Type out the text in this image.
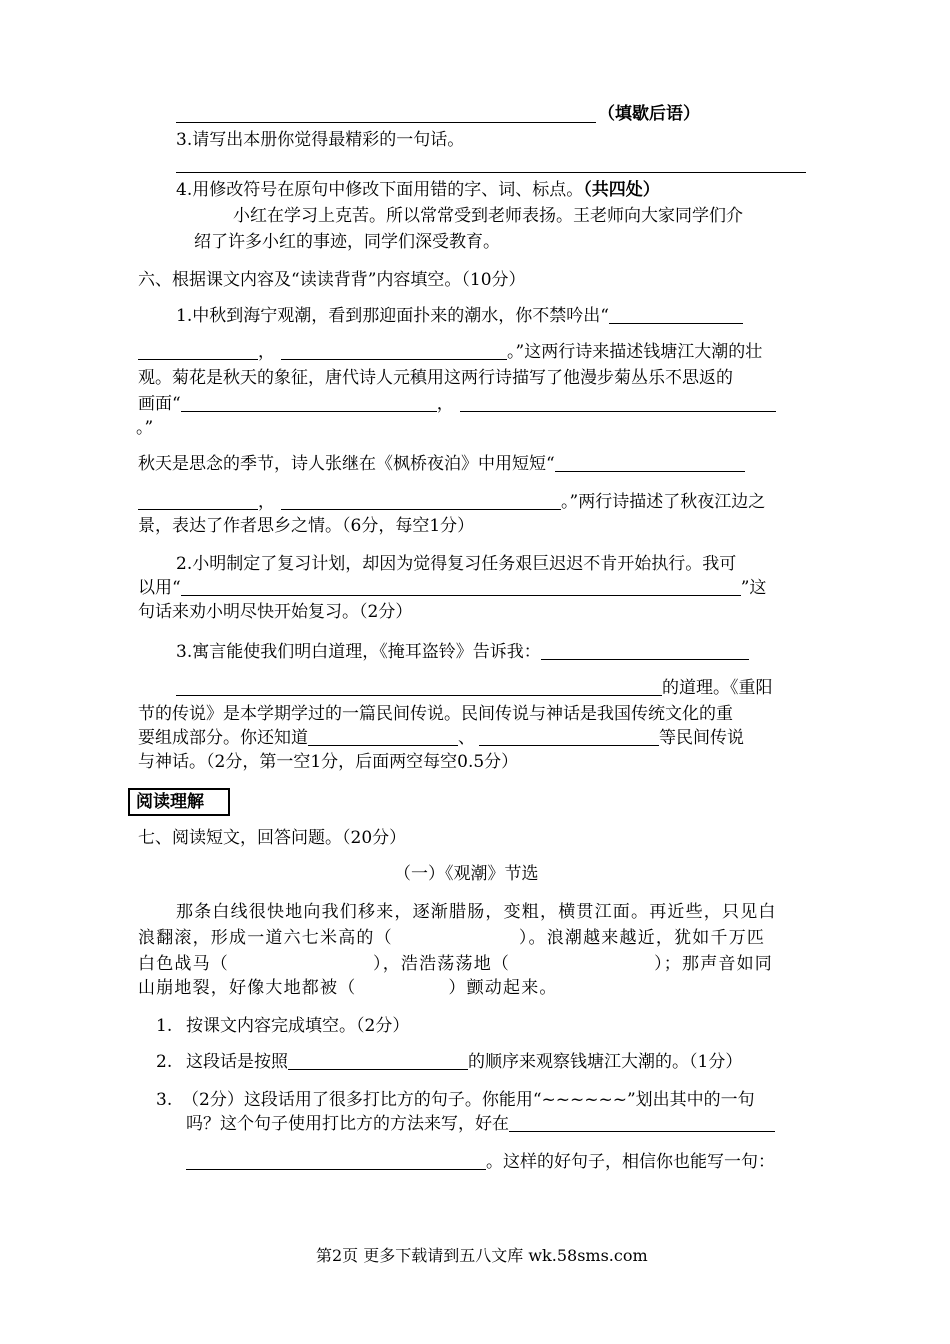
（填歇后语）
3.请写出本册你觉得最精彩的一句话。
4.用修改符号在原句中修改下面用错的字、词、标点。（共四处）
小红在学习上克苦。所以常常受到老师表扬。王老师向大家同学们介
绍了许多小红的事迹，同学们深受教育。
六、根据课文内容及“读读背背”内容填空。（10分）
1.中秋到海宁观潮，看到那迎面扑来的潮水，你不禁吟出“
，	。”这两行诗来描述钱塘江大潮的壮
观。菊花是秋天的象征，唐代诗人元稹用这两行诗描写了他漫步菊丛乐不思返的
画面“	，
。”
秋天是思念的季节，诗人张继在《枫桥夜泊》中用短短“
，	。”两行诗描述了秋夜江边之
景，表达了作者思乡之情。（6分，每空1分）
2.小明制定了复习计划，却因为觉得复习任务艰巨迟迟不肯开始执行。我可
以用“	”这
句话来劝小明尽快开始复习。（2分）
3.寓言能使我们明白道理，《掩耳盗铃》告诉我：
的道理。《重阳
节的传说》是本学期学过的一篇民间传说。民间传说与神话是我国传统文化的重
要组成部分。你还知道	、	等民间传说
与神话。（2分，第一空1分，后面两空每空0.5分）
阅读理解
七、阅读短文，回答问题。（20分）
（一）《观潮》节选
那条白线很快地向我们移来，逐渐腊肠，变粗，横贯江面。再近些，只见白
浪翻滚，形成一道六七米高的（	）。浪潮越来越近，犹如千万匹
白色战马（	），浩浩荡荡地（	）；那声音如同
山崩地裂，好像大地都被（	）颤动起来。
1. 按课文内容完成填空。（2分）
2. 这段话是按照	的顺序来观察钱塘江大潮的。（1分）
3. （2分）这段话用了很多打比方的句子。你能用“~~~~~~”划出其中的一句
吗？这个句子使用打比方的方法来写，好在
。这样的好句子，相信你也能写一句：
第2页 更多下载请到五八文库 wk.58sms.com
